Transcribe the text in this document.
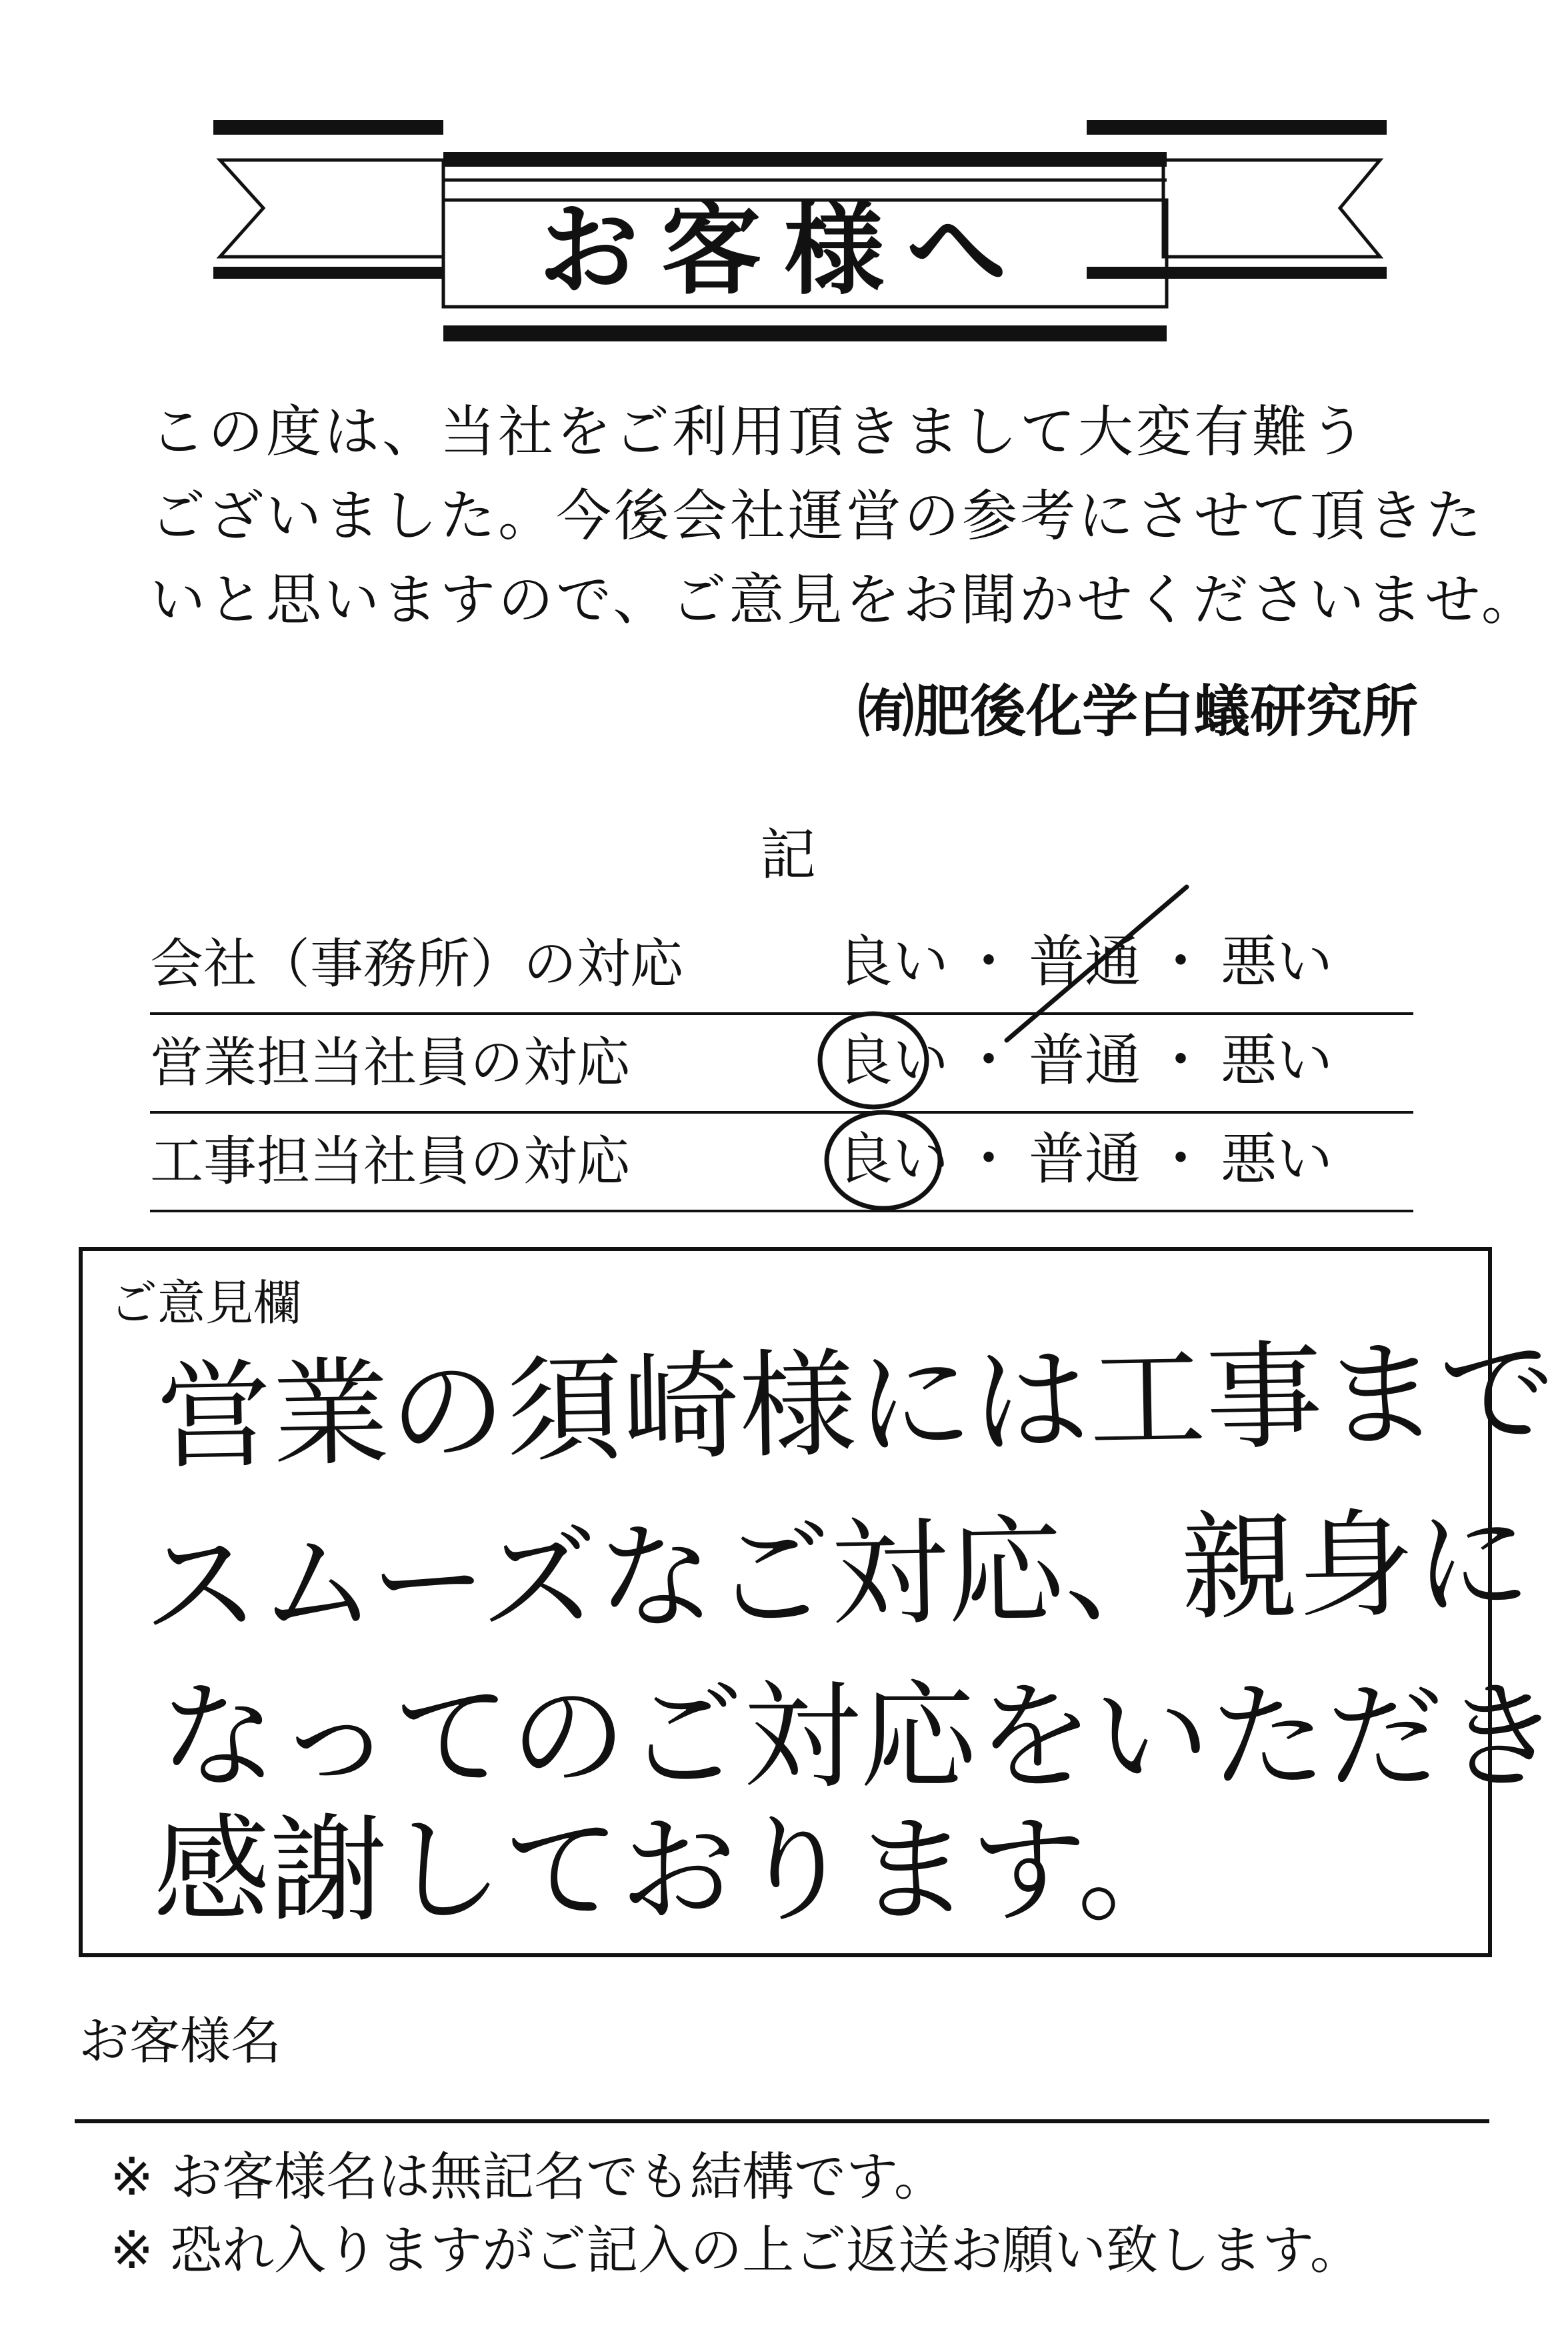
お客様へ
この度は、当社をご利用頂きまして大変有難う
ございました。今後会社運営の参考にさせて頂きた
いと思いますので、ご意見をお聞かせくださいませ。
㈲肥後化学白蟻研究所
記
会社（事務所）の対応	良い ・ 普通 ・ 悪い
営業担当社員の対応	良い ・ 普通 ・ 悪い
工事担当社員の対応	良い ・ 普通 ・ 悪い
ご意見欄
営業の須崎様には工事まで
スムーズなご対応、親身に
なってのご対応をいただき
感謝しております。
お客様名
※ お客様名は無記名でも結構です。
※ 恐れ入りますがご記入の上ご返送お願い致します。
